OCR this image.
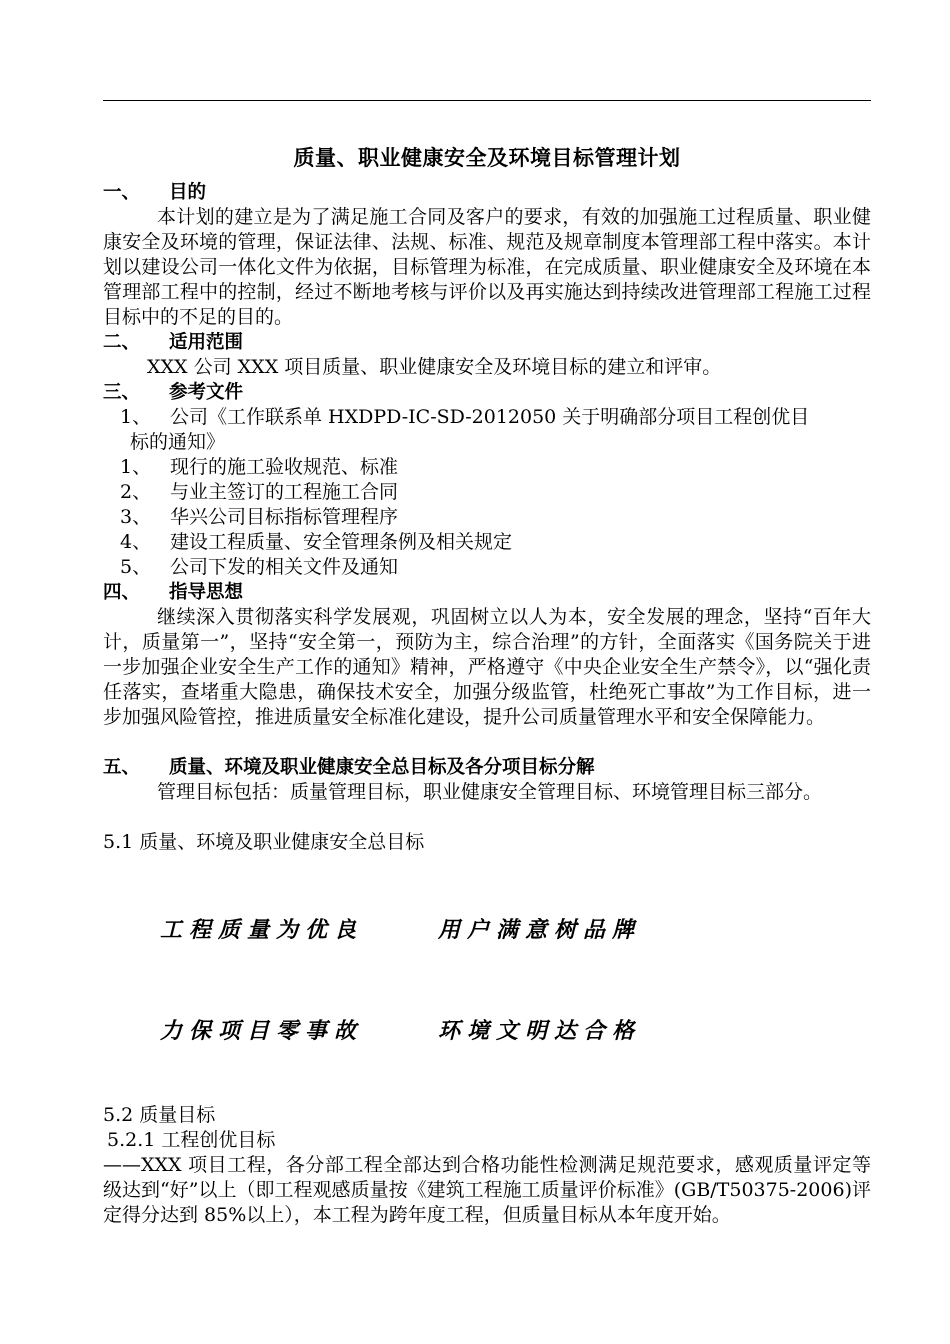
质量、职业健康安全及环境目标管理计划
一、 目的
本计划的建立是为了满足施工合同及客户的要求，有效的加强施工过程质量、职业健康安全及环境的管理，保证法律、法规、标准、规范及规章制度本管理部工程中落实。本计划以建设公司一体化文件为依据，目标管理为标准，在完成质量、职业健康安全及环境在本管理部工程中的控制，经过不断地考核与评价以及再实施达到持续改进管理部工程施工过程目标中的不足的目的。
二、 适用范围
XXX 公司 XXX 项目质量、职业健康安全及环境目标的建立和评审。
三、 参考文件
1、 公司《工作联系单 HXDPD-IC-SD-2012050 关于明确部分项目工程创优目
标的通知》
1、 现行的施工验收规范、标准
2、 与业主签订的工程施工合同
3、 华兴公司目标指标管理程序
4、 建设工程质量、安全管理条例及相关规定
5、 公司下发的相关文件及通知
四、 指导思想
继续深入贯彻落实科学发展观，巩固树立以人为本，安全发展的理念，坚持“百年大计，质量第一”，坚持“安全第一，预防为主，综合治理”的方针，全面落实《国务院关于进一步加强企业安全生产工作的通知》精神，严格遵守《中央企业安全生产禁令》，以“强化责任落实，查堵重大隐患，确保技术安全，加强分级监管，杜绝死亡事故”为工作目标，进一步加强风险管控，推进质量安全标准化建设，提升公司质量管理水平和安全保障能力。
五、 质量、环境及职业健康安全总目标及各分项目标分解
管理目标包括：质量管理目标，职业健康安全管理目标、环境管理目标三部分。
5.1 质量、环境及职业健康安全总目标
工程质量为优良	用户满意树品牌
力保项目零事故	环境文明达合格
5.2 质量目标
5.2.1 工程创优目标
——XXX 项目工程，各分部工程全部达到合格功能性检测满足规范要求，感观质量评定等级达到“好”以上（即工程观感质量按《建筑工程施工质量评价标准》(GB/T50375-2006)评定得分达到 85%以上），本工程为跨年度工程，但质量目标从本年度开始。
